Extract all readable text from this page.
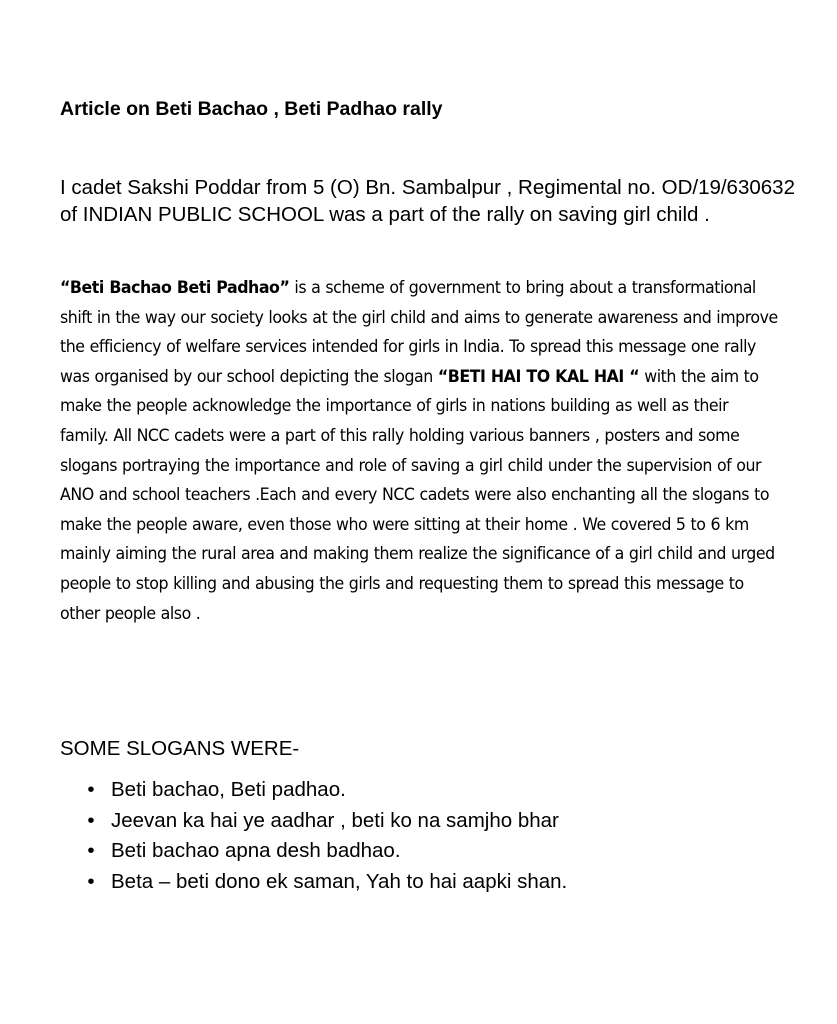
Article on Beti Bachao , Beti Padhao rally

I cadet Sakshi Poddar from 5 (O) Bn. Sambalpur , Regimental no. OD/19/630632 of INDIAN PUBLIC SCHOOL was a part of the rally on saving girl child .

“Beti Bachao Beti Padhao” is a scheme of government to bring about a transformational shift in the way our society looks at the girl child and aims to generate awareness and improve the efficiency of welfare services intended for girls in India. To spread this message one rally was organised by our school depicting the slogan “BETI HAI TO KAL HAI “ with the aim to make the people acknowledge the importance of girls in nations building as well as their family. All NCC cadets were a part of this rally holding various banners , posters and some slogans portraying the importance and role of saving a girl child under the supervision of our ANO and school teachers .Each and every NCC cadets were also enchanting all the slogans to make the people aware, even those who were sitting at their home . We covered 5 to 6 km mainly aiming the rural area and making them realize the significance of a girl child and urged people to stop killing and abusing the girls and requesting them to spread this message to other people also .

SOME SLOGANS WERE-

• Beti bachao, Beti padhao.
• Jeevan ka hai ye aadhar , beti ko na samjho bhar
• Beti bachao apna desh badhao.
• Beta – beti dono ek saman, Yah to hai aapki shan.
